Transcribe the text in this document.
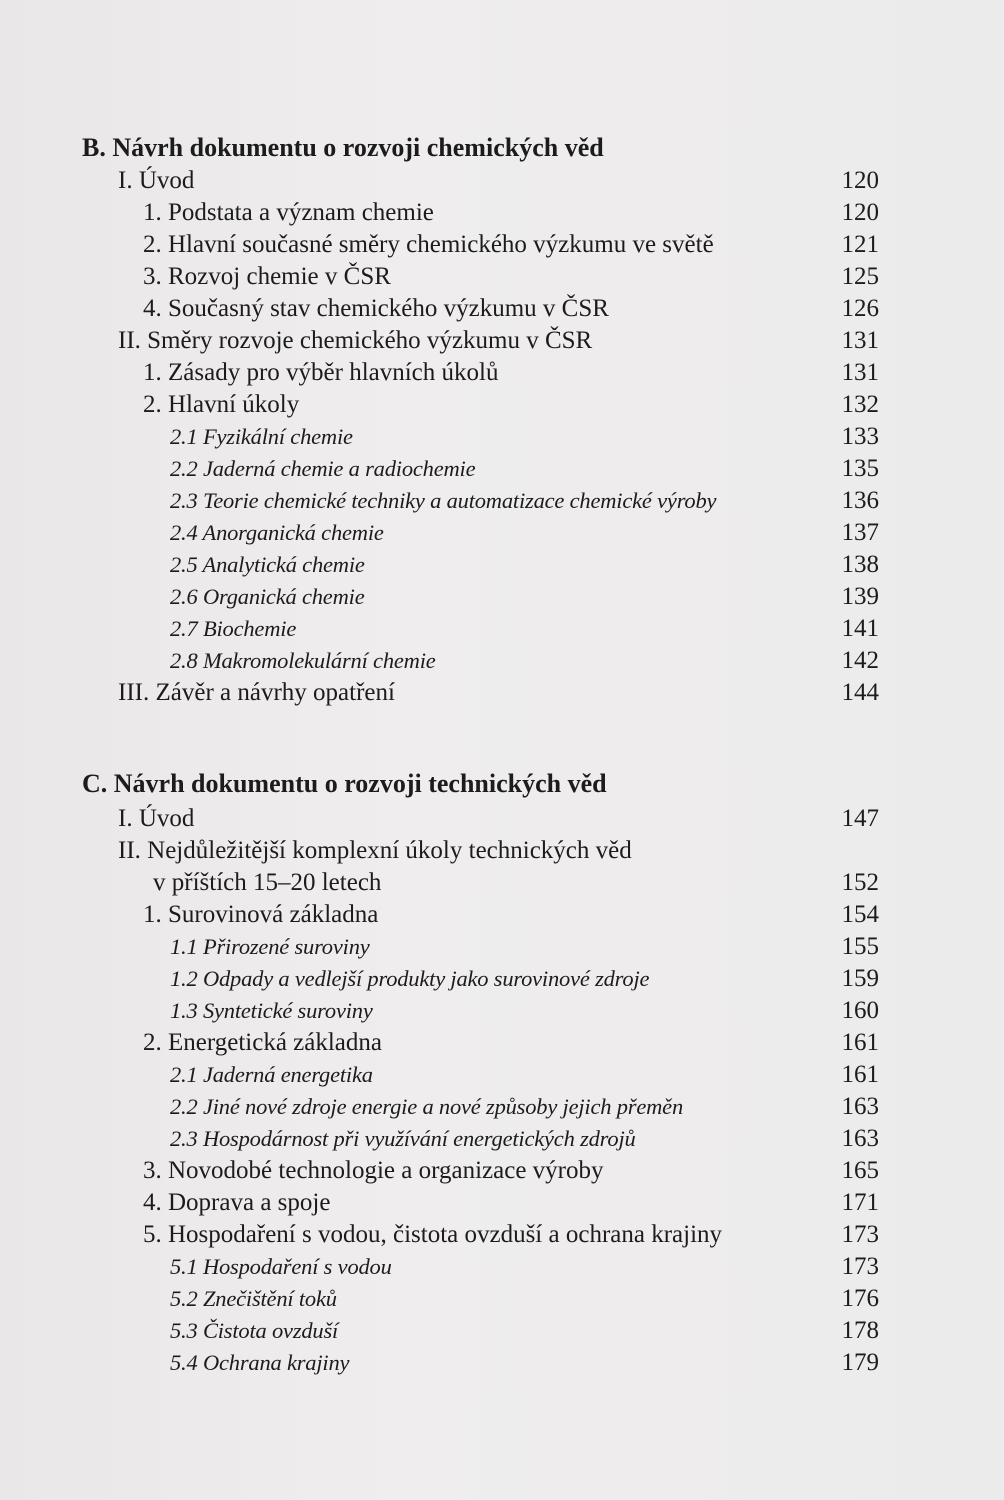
B. Návrh dokumentu o rozvoji chemických věd
I. Úvod	120
1. Podstata a význam chemie	120
2. Hlavní současné směry chemického výzkumu ve světě	121
3. Rozvoj chemie v ČSR	125
4. Současný stav chemického výzkumu v ČSR	126
II. Směry rozvoje chemického výzkumu v ČSR	131
1. Zásady pro výběr hlavních úkolů	131
2. Hlavní úkoly	132
2.1 Fyzikální chemie	133
2.2 Jaderná chemie a radiochemie	135
2.3 Teorie chemické techniky a automatizace chemické výroby	136
2.4 Anorganická chemie	137
2.5 Analytická chemie	138
2.6 Organická chemie	139
2.7 Biochemie	141
2.8 Makromolekulární chemie	142
III. Závěr a návrhy opatření	144
C. Návrh dokumentu o rozvoji technických věd
I. Úvod	147
II. Nejdůležitější komplexní úkoly technických věd
v příštích 15–20 letech	152
1. Surovinová základna	154
1.1 Přirozené suroviny	155
1.2 Odpady a vedlejší produkty jako surovinové zdroje	159
1.3 Syntetické suroviny	160
2. Energetická základna	161
2.1 Jaderná energetika	161
2.2 Jiné nové zdroje energie a nové způsoby jejich přeměn	163
2.3 Hospodárnost při využívání energetických zdrojů	163
3. Novodobé technologie a organizace výroby	165
4. Doprava a spoje	171
5. Hospodaření s vodou, čistota ovzduší a ochrana krajiny	173
5.1 Hospodaření s vodou	173
5.2 Znečištění toků	176
5.3 Čistota ovzduší	178
5.4 Ochrana krajiny	179
